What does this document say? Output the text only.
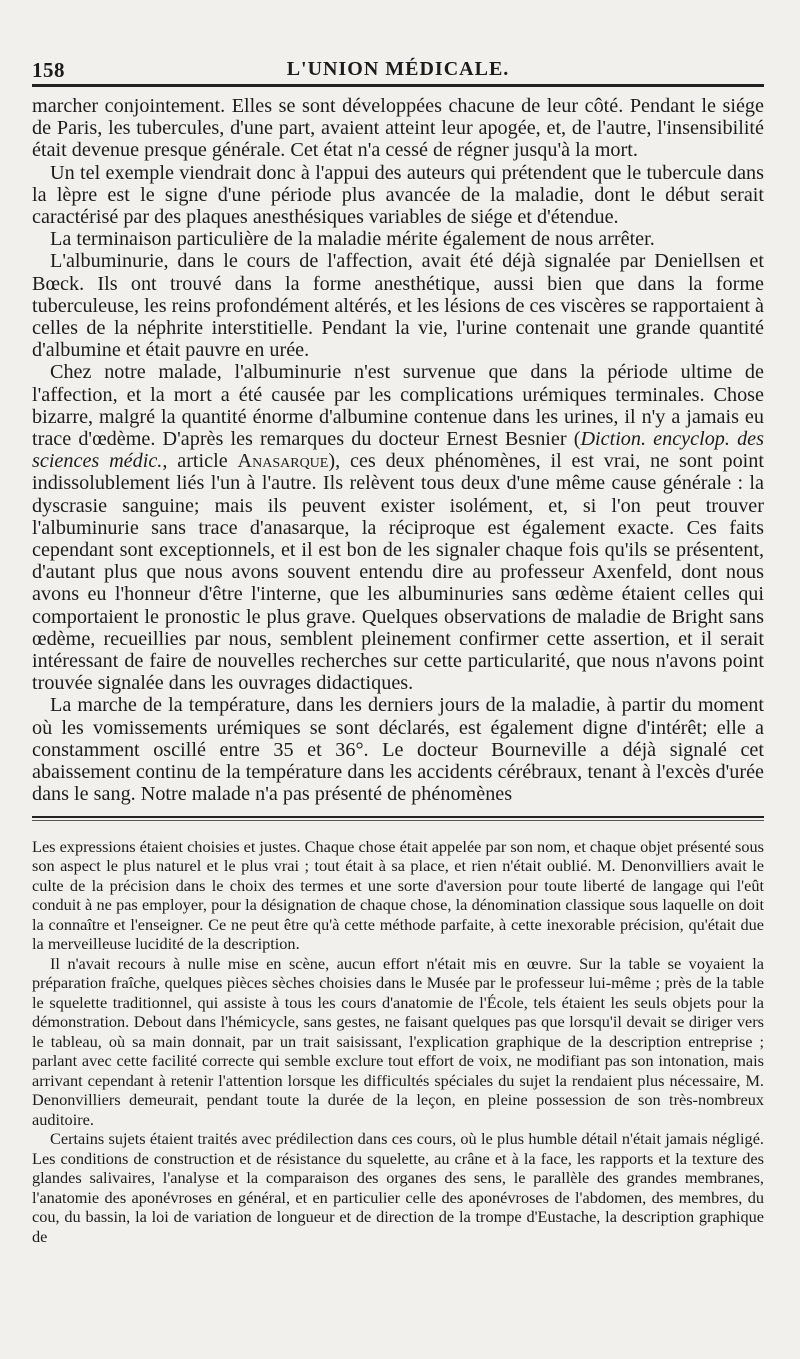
158	L'UNION MÉDICALE.

marcher conjointement. Elles se sont développées chacune de leur côté. Pendant le siége de Paris, les tubercules, d'une part, avaient atteint leur apogée, et, de l'autre, l'insensibilité était devenue presque générale. Cet état n'a cessé de régner jusqu'à la mort.

Un tel exemple viendrait donc à l'appui des auteurs qui prétendent que le tubercule dans la lèpre est le signe d'une période plus avancée de la maladie, dont le début serait caractérisé par des plaques anesthésiques variables de siége et d'étendue.

La terminaison particulière de la maladie mérite également de nous arrêter.

L'albuminurie, dans le cours de l'affection, avait été déjà signalée par Deniellsen et Bœck. Ils ont trouvé dans la forme anesthétique, aussi bien que dans la forme tuberculeuse, les reins profondément altérés, et les lésions de ces viscères se rapportaient à celles de la néphrite interstitielle. Pendant la vie, l'urine contenait une grande quantité d'albumine et était pauvre en urée.

Chez notre malade, l'albuminurie n'est survenue que dans la période ultime de l'affection, et la mort a été causée par les complications urémiques terminales. Chose bizarre, malgré la quantité énorme d'albumine contenue dans les urines, il n'y a jamais eu trace d'œdème. D'après les remarques du docteur Ernest Besnier (Diction. encyclop. des sciences médic., article Anasarque), ces deux phénomènes, il est vrai, ne sont point indissolublement liés l'un à l'autre. Ils relèvent tous deux d'une même cause générale : la dyscrasie sanguine; mais ils peuvent exister isolément, et, si l'on peut trouver l'albuminurie sans trace d'anasarque, la réciproque est également exacte. Ces faits cependant sont exceptionnels, et il est bon de les signaler chaque fois qu'ils se présentent, d'autant plus que nous avons souvent entendu dire au professeur Axenfeld, dont nous avons eu l'honneur d'être l'interne, que les albuminuries sans œdème étaient celles qui comportaient le pronostic le plus grave. Quelques observations de maladie de Bright sans œdème, recueillies par nous, semblent pleinement confirmer cette assertion, et il serait intéressant de faire de nouvelles recherches sur cette particularité, que nous n'avons point trouvée signalée dans les ouvrages didactiques.

La marche de la température, dans les derniers jours de la maladie, à partir du moment où les vomissements urémiques se sont déclarés, est également digne d'intérêt; elle a constamment oscillé entre 35 et 36°. Le docteur Bourneville a déjà signalé cet abaissement continu de la température dans les accidents cérébraux, tenant à l'excès d'urée dans le sang. Notre malade n'a pas présenté de phénomènes

Les expressions étaient choisies et justes. Chaque chose était appelée par son nom, et chaque objet présenté sous son aspect le plus naturel et le plus vrai ; tout était à sa place, et rien n'était oublié. M. Denonvilliers avait le culte de la précision dans le choix des termes et une sorte d'aversion pour toute liberté de langage qui l'eût conduit à ne pas employer, pour la désignation de chaque chose, la dénomination classique sous laquelle on doit la connaître et l'enseigner. Ce ne peut être qu'à cette méthode parfaite, à cette inexorable précision, qu'était due la merveilleuse lucidité de la description.

Il n'avait recours à nulle mise en scène, aucun effort n'était mis en œuvre. Sur la table se voyaient la préparation fraîche, quelques pièces sèches choisies dans le Musée par le professeur lui-même ; près de la table le squelette traditionnel, qui assiste à tous les cours d'anatomie de l'École, tels étaient les seuls objets pour la démonstration. Debout dans l'hémicycle, sans gestes, ne faisant quelques pas que lorsqu'il devait se diriger vers le tableau, où sa main donnait, par un trait saisissant, l'explication graphique de la description entreprise ; parlant avec cette facilité correcte qui semble exclure tout effort de voix, ne modifiant pas son intonation, mais arrivant cependant à retenir l'attention lorsque les difficultés spéciales du sujet la rendaient plus nécessaire, M. Denonvilliers demeurait, pendant toute la durée de la leçon, en pleine possession de son très-nombreux auditoire.

Certains sujets étaient traités avec prédilection dans ces cours, où le plus humble détail n'était jamais négligé. Les conditions de construction et de résistance du squelette, au crâne et à la face, les rapports et la texture des glandes salivaires, l'analyse et la comparaison des organes des sens, le parallèle des grandes membranes, l'anatomie des aponévroses en général, et en particulier celle des aponévroses de l'abdomen, des membres, du cou, du bassin, la loi de variation de longueur et de direction de la trompe d'Eustache, la description graphique de
